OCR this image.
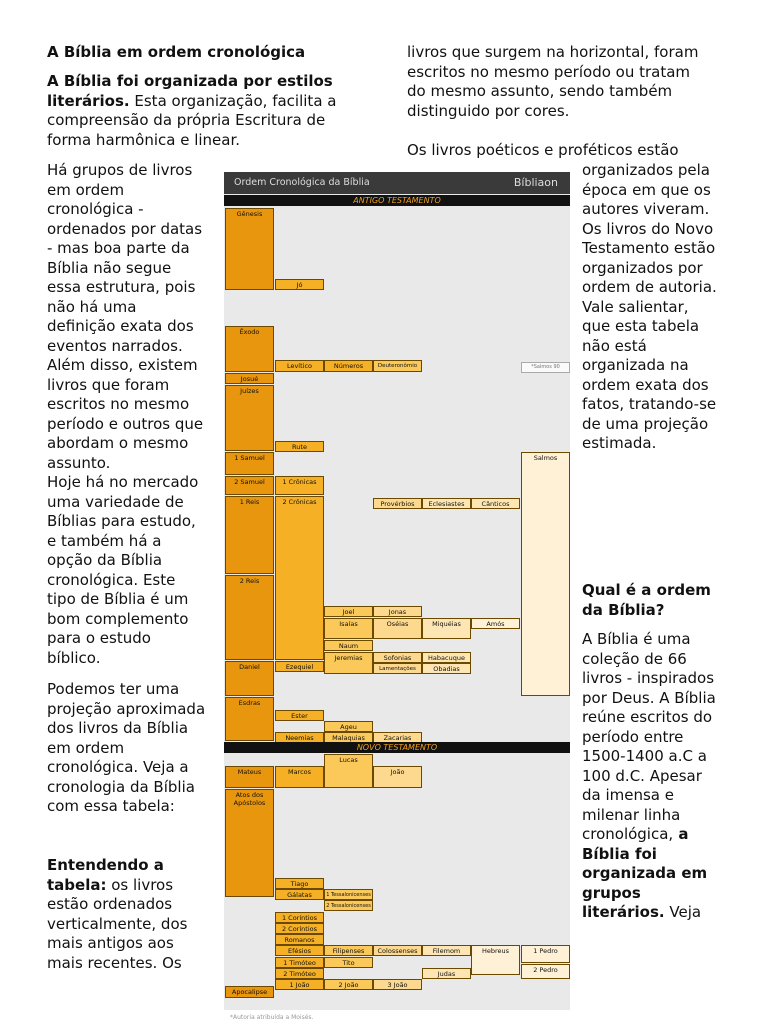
A Bíblia em ordem cronológica
A Bíblia foi organizada por estilos literários. Esta organização, facilita a compreensão da própria Escritura de forma harmônica e linear.
Há grupos de livros
em ordem
cronológica -
ordenados por datas
- mas boa parte da
Bíblia não segue
essa estrutura, pois
não há uma
definição exata dos
eventos narrados.
Além disso, existem
livros que foram
escritos no mesmo
período e outros que
abordam o mesmo
assunto.
Hoje há no mercado
uma variedade de
Bíblias para estudo,
e também há a
opção da Bíblia
cronológica. Este
tipo de Bíblia é um
bom complemento
para o estudo
bíblico.
Podemos ter uma
projeção aproximada
dos livros da Bíblia
em ordem
cronológica. Veja a
cronologia da Bíblia
com essa tabela:
Entendendo a
tabela: os livros
estão ordenados
verticalmente, dos
mais antigos aos
mais recentes. Os
livros que surgem na horizontal, foram
escritos no mesmo período ou tratam
do mesmo assunto, sendo também
distinguido por cores.
Os livros poéticos e proféticos estão
organizados pela
época em que os
autores viveram.
Os livros do Novo
Testamento estão
organizados por
ordem de autoria.
Vale salientar,
que esta tabela
não está
organizada na
ordem exata dos
fatos, tratando-se
de uma projeção
estimada.
Qual é a ordem
da Bíblia?
A Bíblia é uma
coleção de 66
livros - inspirados
por Deus. A Bíblia
reúne escritos do
período entre
1500-1400 a.C a
100 d.C. Apesar
da imensa e
milenar linha
cronológica, a
Bíblia foi
organizada em
grupos
literários. Veja
Ordem Cronológica da Bíblia	Bíbliaon
ANTIGO TESTAMENTO
Gênesis
Jó
Êxodo
Levítico	Números	Deuteronômio	*Salmos 90
Josué
Juízes
Rute
Salmos
1 Samuel
2 Samuel	1 Crônicas
1 Reis	2 Crônicas	Provérbios	Eclesiastes	Cânticos
2 Reis
Joel	Jonas
Isaías	Oséias	Miquéias	Amós
Naum
Jeremias	Sofonias	Habacuque
Lamentações	Obadias
Daniel	Ezequiel
Esdras
Ester
Ageu
Neemias	Malaquias	Zacarias
NOVO TESTAMENTO
Lucas
Mateus	Marcos	João
Atos dos Apóstolos
Tiago
Gálatas	1 Tessalonicenses
2 Tessalonicenses
1 Coríntios
2 Coríntios
Romanos
Efésios	Filipenses	Colossenses	Filemom	Hebreus	1 Pedro
1 Timóteo	Tito
2 Timóteo	Judas	2 Pedro
1 João	2 João	3 João
Apocalipse
*Autoria atribuída a Moisés.
